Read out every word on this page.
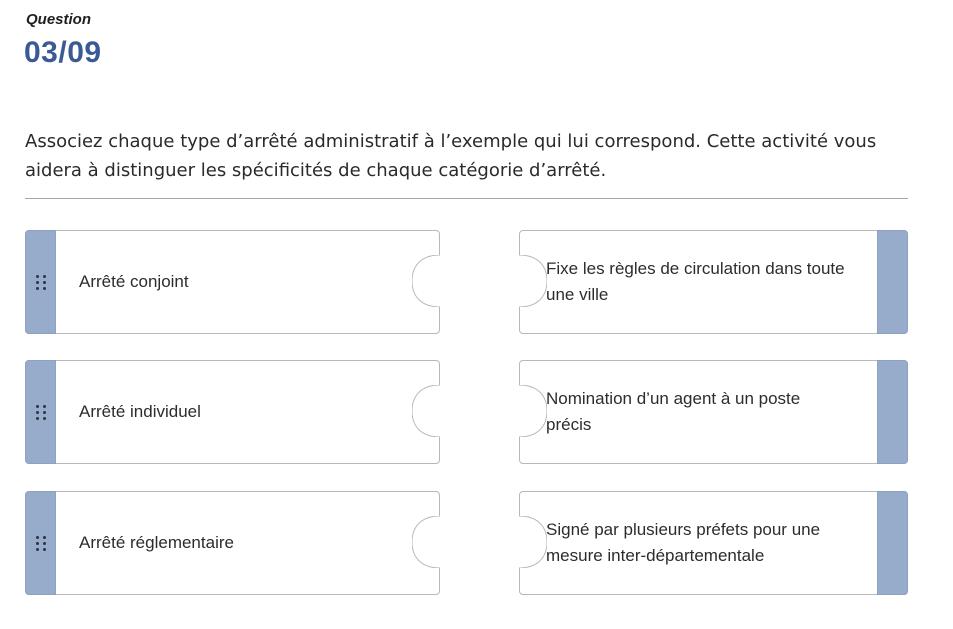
Question
03/09

Associez chaque type d’arrêté administratif à l’exemple qui lui correspond. Cette activité vous aidera à distinguer les spécificités de chaque catégorie d’arrêté.

Arrêté conjoint
Arrêté individuel
Arrêté réglementaire
Fixe les règles de circulation dans toute une ville
Nomination d’un agent à un poste précis
Signé par plusieurs préfets pour une mesure inter-départementale
